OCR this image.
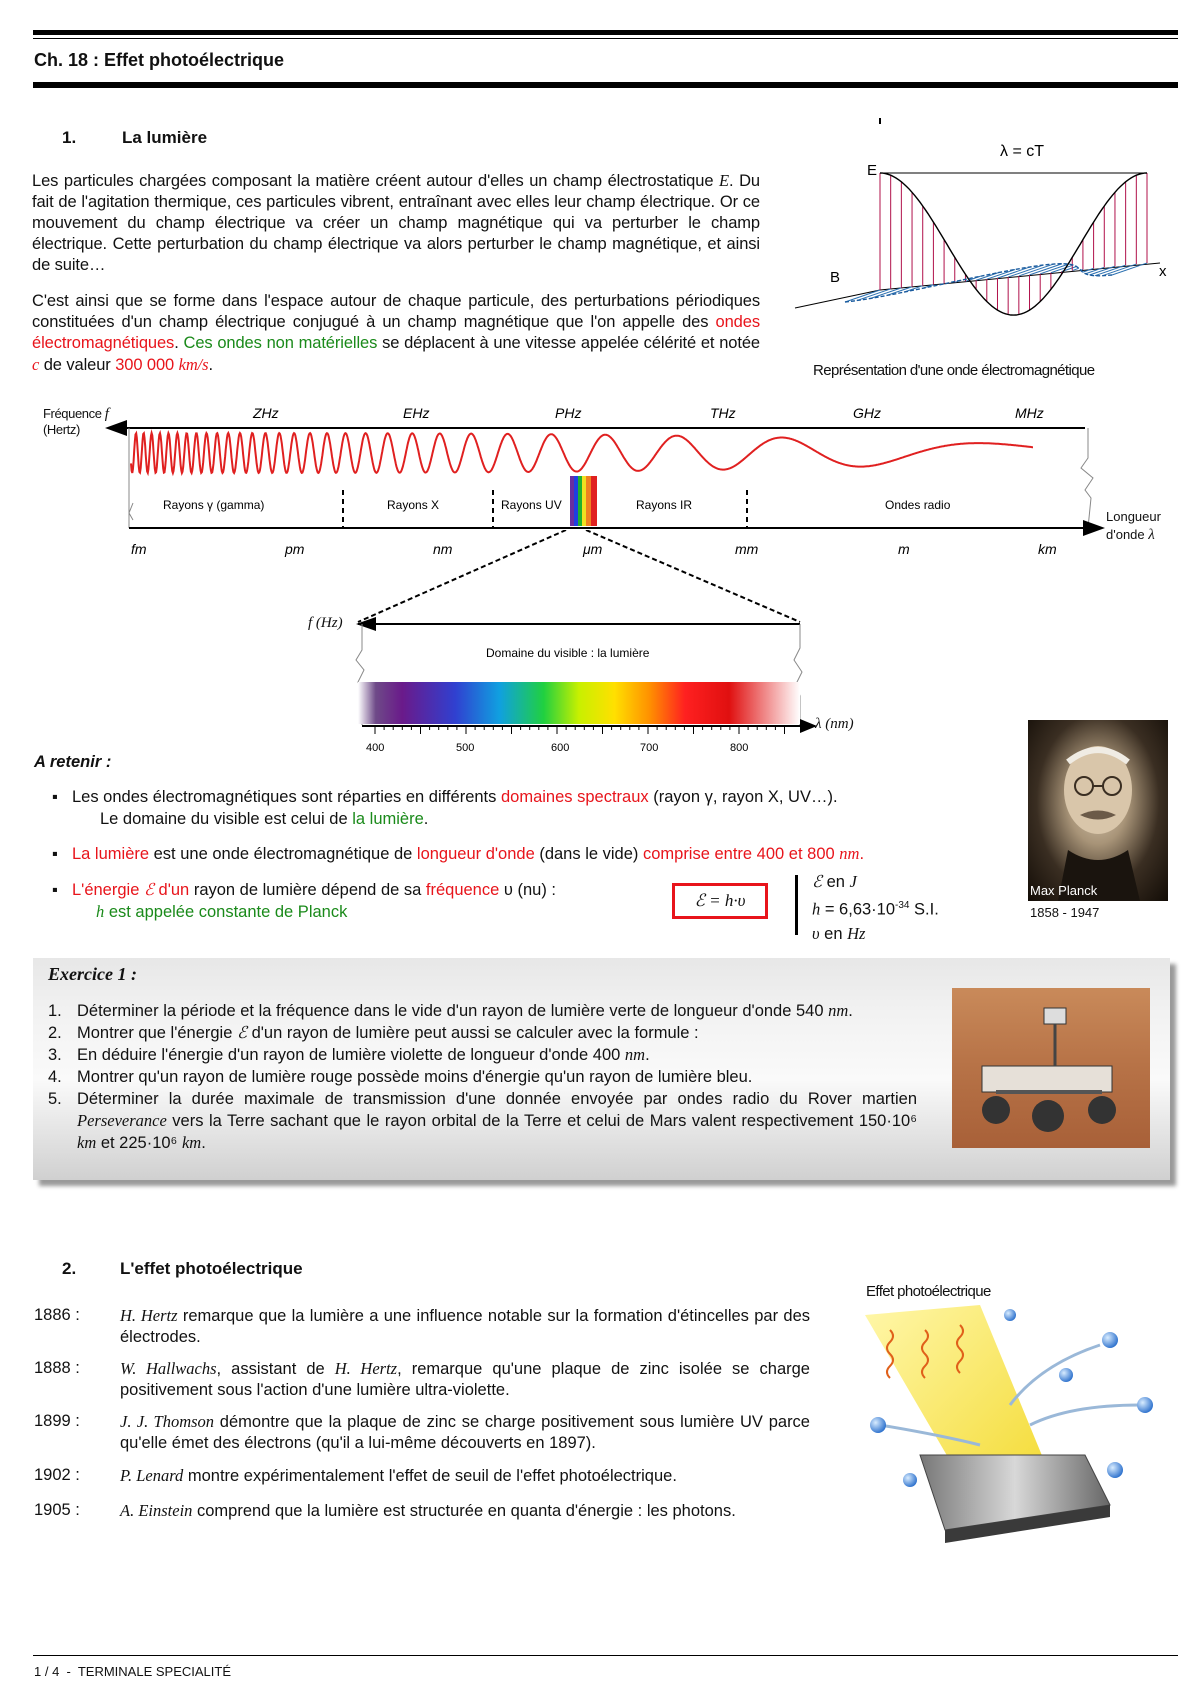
Ch. 18 : Effet photoélectrique
1.	La lumière
Les particules chargées composant la matière créent autour d'elles un champ électrostatique E. Du fait de l'agitation thermique, ces particules vibrent, entraînant avec elles leur champ électrique. Or ce mouvement du champ électrique va créer un champ magnétique qui va perturber le champ électrique. Cette perturbation du champ électrique va alors perturber le champ magnétique, et ainsi de suite…
C'est ainsi que se forme dans l'espace autour de chaque particule, des perturbations périodiques constituées d'un champ électrique conjugué à un champ magnétique que l'on appelle des ondes électromagnétiques. Ces ondes non matérielles se déplacent à une vitesse appelée célérité et notée c de valeur 300 000 km/s.
λ = cT
E
B	x
Représentation d'une onde électromagnétique
ZHz	EHz	PHz	THz	GHz	MHz
Rayons γ (gamma)	Rayons X	Rayons UV	Rayons IR	Ondes radio
fm	pm	nm	μm	mm	m	km
Fréquence f
(Hertz)
Longueur
d'onde λ
Domaine du visible : la lumière
400	500	600	700	800
f (Hz)
λ (nm)
A retenir :
▪ Les ondes électromagnétiques sont réparties en différents domaines spectraux (rayon γ, rayon X, UV…).
Le domaine du visible est celui de la lumière.
▪ La lumière est une onde électromagnétique de longueur d'onde (dans le vide) comprise entre 400 et 800 nm.
▪ L'énergie ℰ d'un rayon de lumière dépend de sa fréquence υ (nu) :
h est appelée constante de Planck
ℰ = h·υ
ℰ en J
$h = 6,63\cdot 10^{-34}$ S.I.
υ en Hz
Max Planck
1858 - 1947
Exercice 1 :
1. Déterminer la période et la fréquence dans le vide d'un rayon de lumière verte de longueur d'onde 540 nm.
2. Montrer que l'énergie ℰ d'un rayon de lumière peut aussi se calculer avec la formule :
3. En déduire l'énergie d'un rayon de lumière violette de longueur d'onde 400 nm.
4. Montrer qu'un rayon de lumière rouge possède moins d'énergie qu'un rayon de lumière bleu.
5. Déterminer la durée maximale de transmission d'une donnée envoyée par ondes radio du Rover martien Perseverance vers la Terre sachant que le rayon orbital de la Terre et celui de Mars valent respectivement 150·10⁶ km et 225·10⁶ km.
2.	L'effet photoélectrique
1886 : H. Hertz remarque que la lumière a une influence notable sur la formation d'étincelles par des électrodes.
1888 : W. Hallwachs, assistant de H. Hertz, remarque qu'une plaque de zinc isolée se charge positivement sous l'action d'une lumière ultra-violette.
1899 : J. J. Thomson démontre que la plaque de zinc se charge positivement sous lumière UV parce qu'elle émet des électrons (qu'il a lui-même découverts en 1897).
1902 : P. Lenard montre expérimentalement l'effet de seuil de l'effet photoélectrique.
1905 : A. Einstein comprend que la lumière est structurée en quanta d'énergie : les photons.
Effet photoélectrique
1 / 4  -  TERMINALE SPECIALITÉ
